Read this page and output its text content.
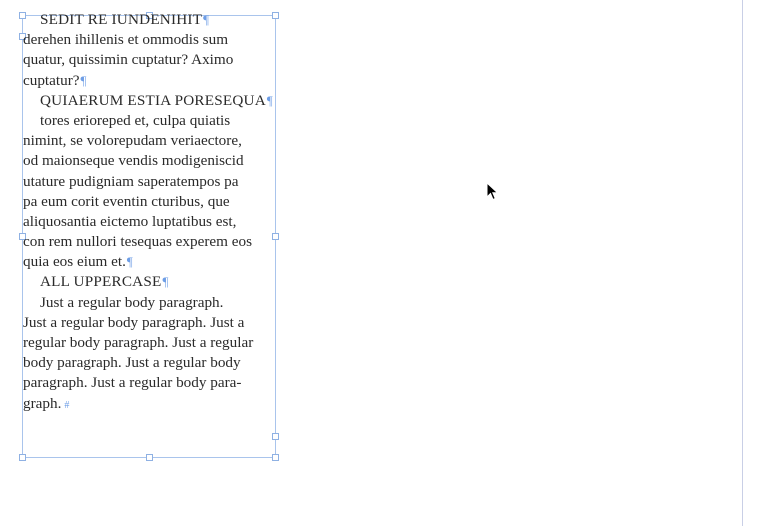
SEDIT RE IUNDENIHIT¶
derehen ihillenis et ommodis sum
quatur, quissimin cuptatur? Aximo
cuptatur?¶
QUIAERUM ESTIA PORESEQUA¶
tores erioreped et, culpa quiatis
nimint, se volorepudam veriaectore,
od maionseque vendis modigeniscid
utature pudigniam saperatempos pa
pa eum corit eventin cturibus, que
aliquosantia eictemo luptatibus est,
con rem nullori tesequas experem eos
quia eos eium et.¶
ALL UPPERCASE¶
Just a regular body paragraph.
Just a regular body paragraph. Just a
regular body paragraph. Just a regular
body paragraph. Just a regular body
paragraph. Just a regular body para-
graph. #
